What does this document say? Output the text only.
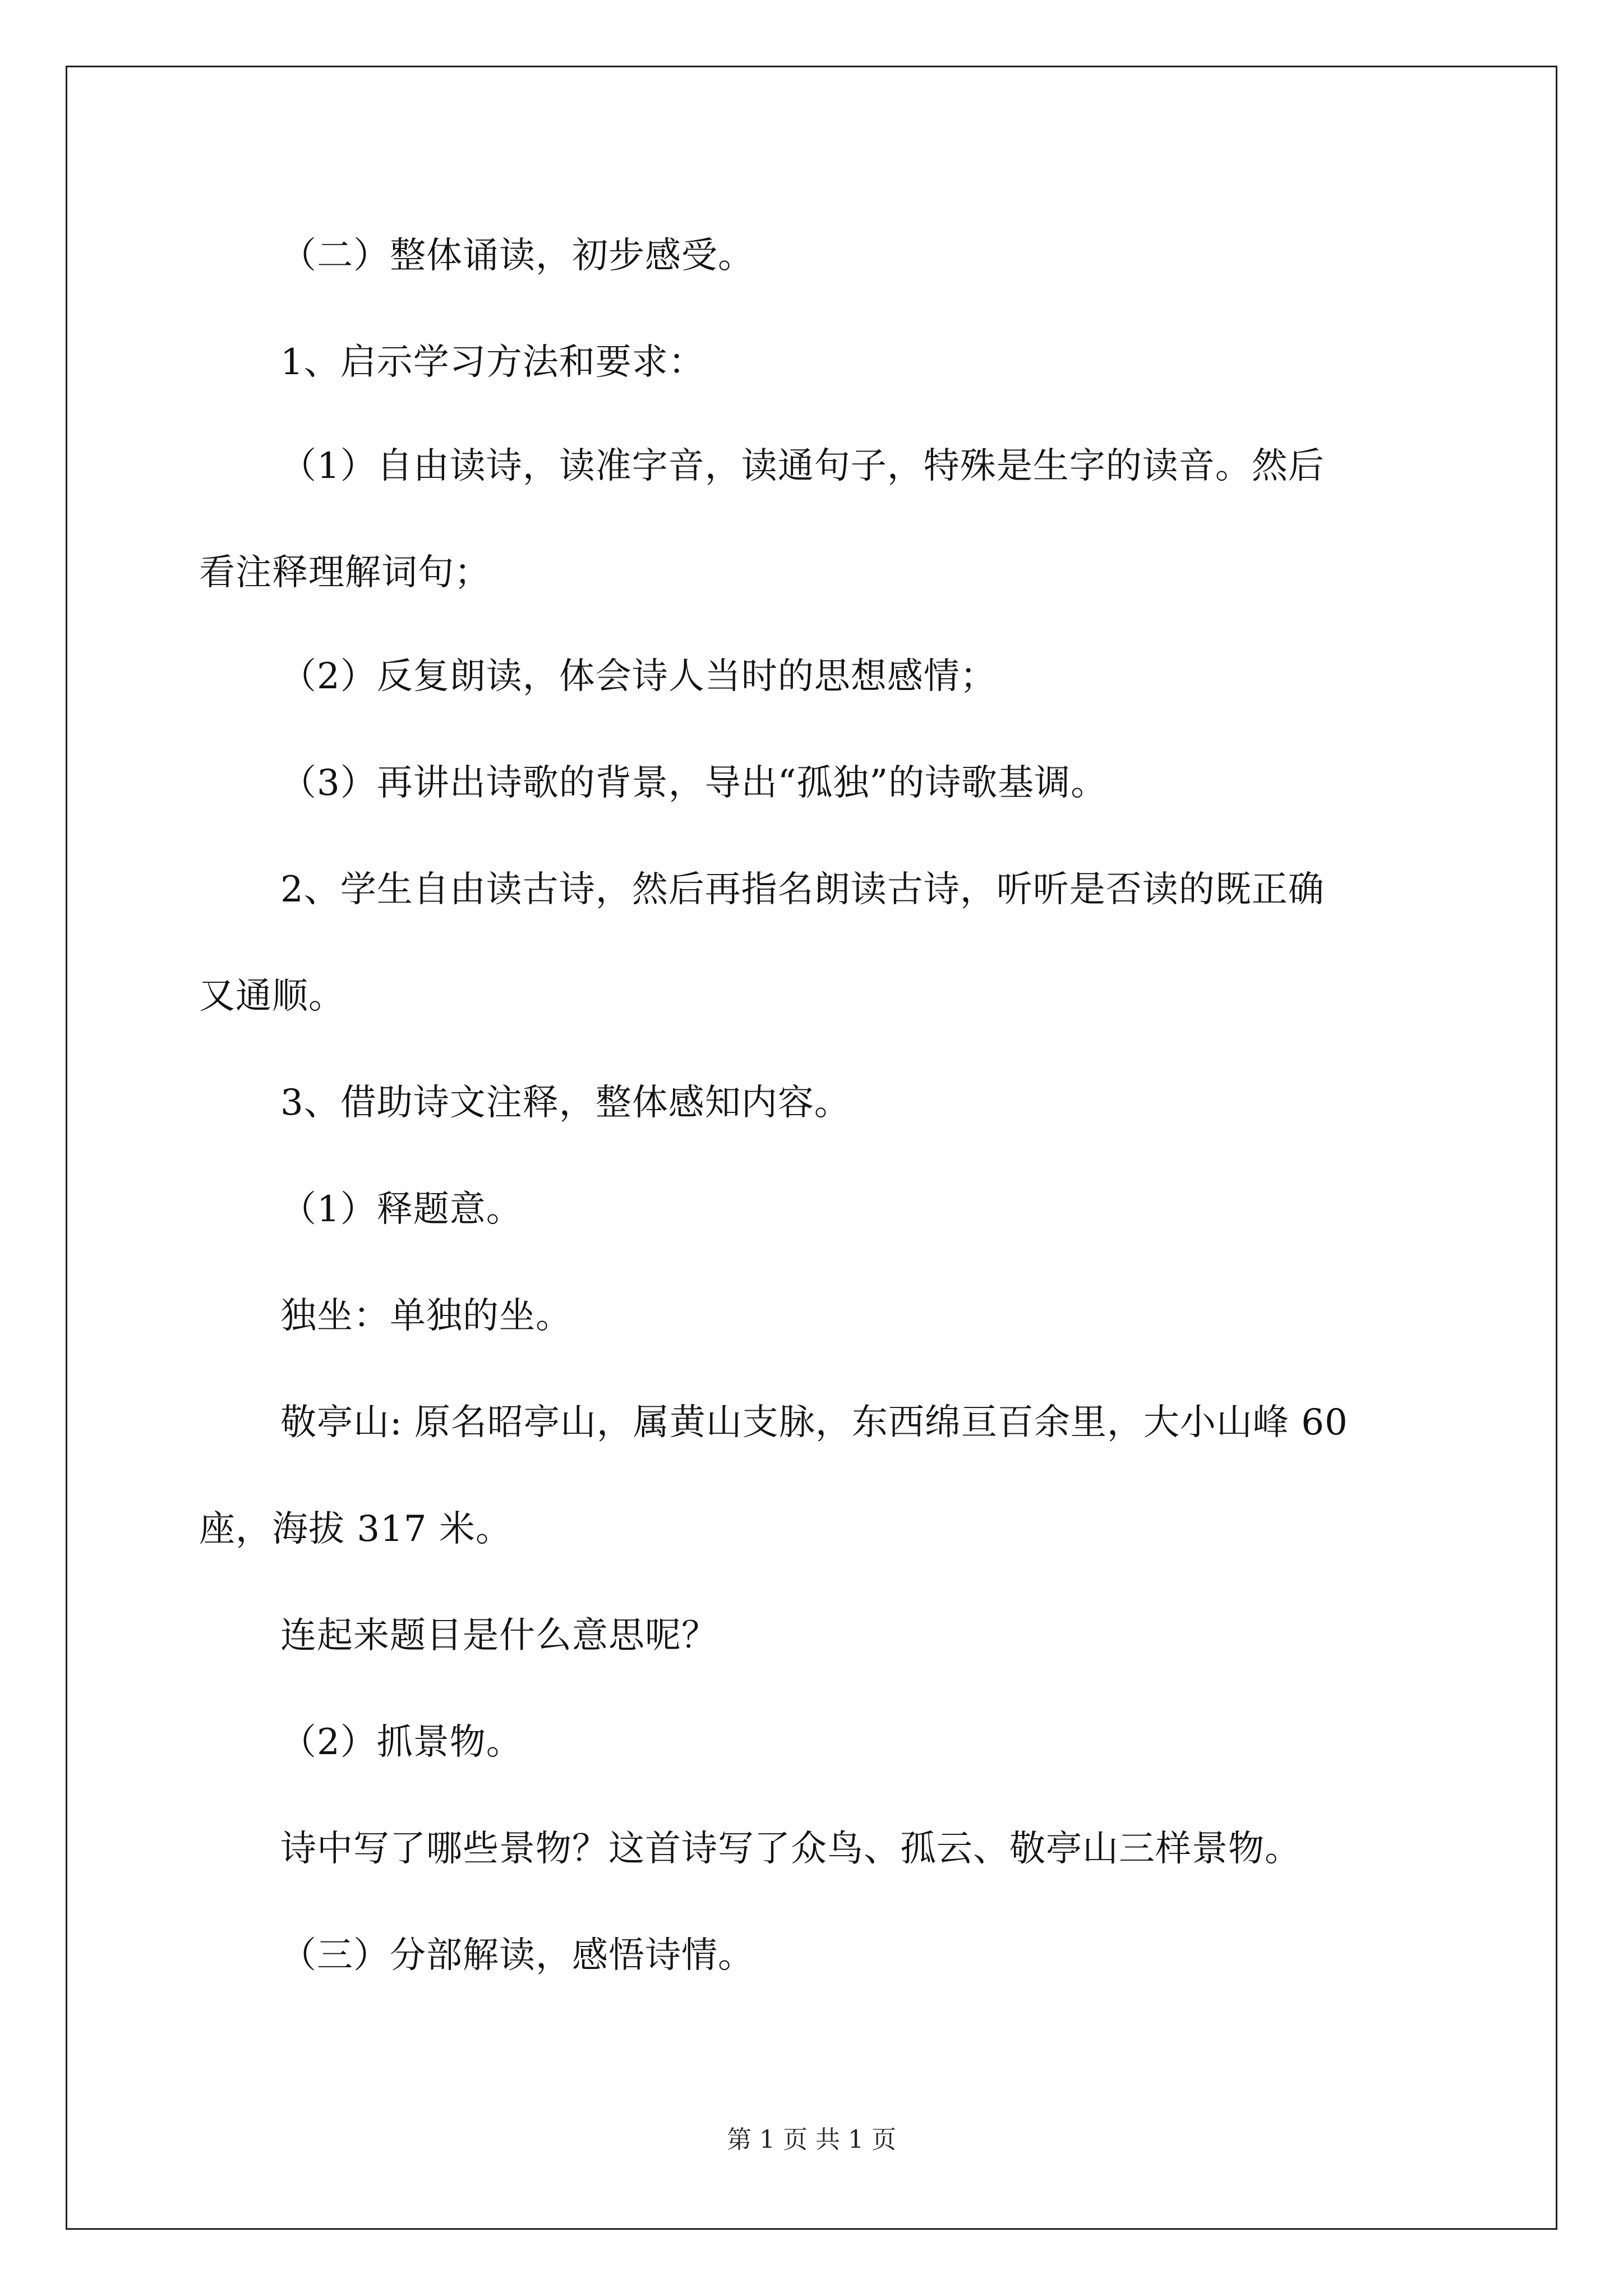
（二）整体诵读，初步感受。
1、启示学习方法和要求：
（1）自由读诗，读准字音，读通句子，特殊是生字的读音。然后
看注释理解词句；
（2）反复朗读，体会诗人当时的思想感情；
（3）再讲出诗歌的背景，导出“孤独”的诗歌基调。
2、学生自由读古诗，然后再指名朗读古诗，听听是否读的既正确
又通顺。
3、借助诗文注释，整体感知内容。
（1）释题意。
独坐：单独的坐。
敬亭山: 原名昭亭山，属黄山支脉，东西绵亘百余里，大小山峰 60
座，海拔 317 米。
连起来题目是什么意思呢？
（2）抓景物。
诗中写了哪些景物？这首诗写了众鸟、孤云、敬亭山三样景物。
（三）分部解读，感悟诗情。
第 1 页 共 1 页
